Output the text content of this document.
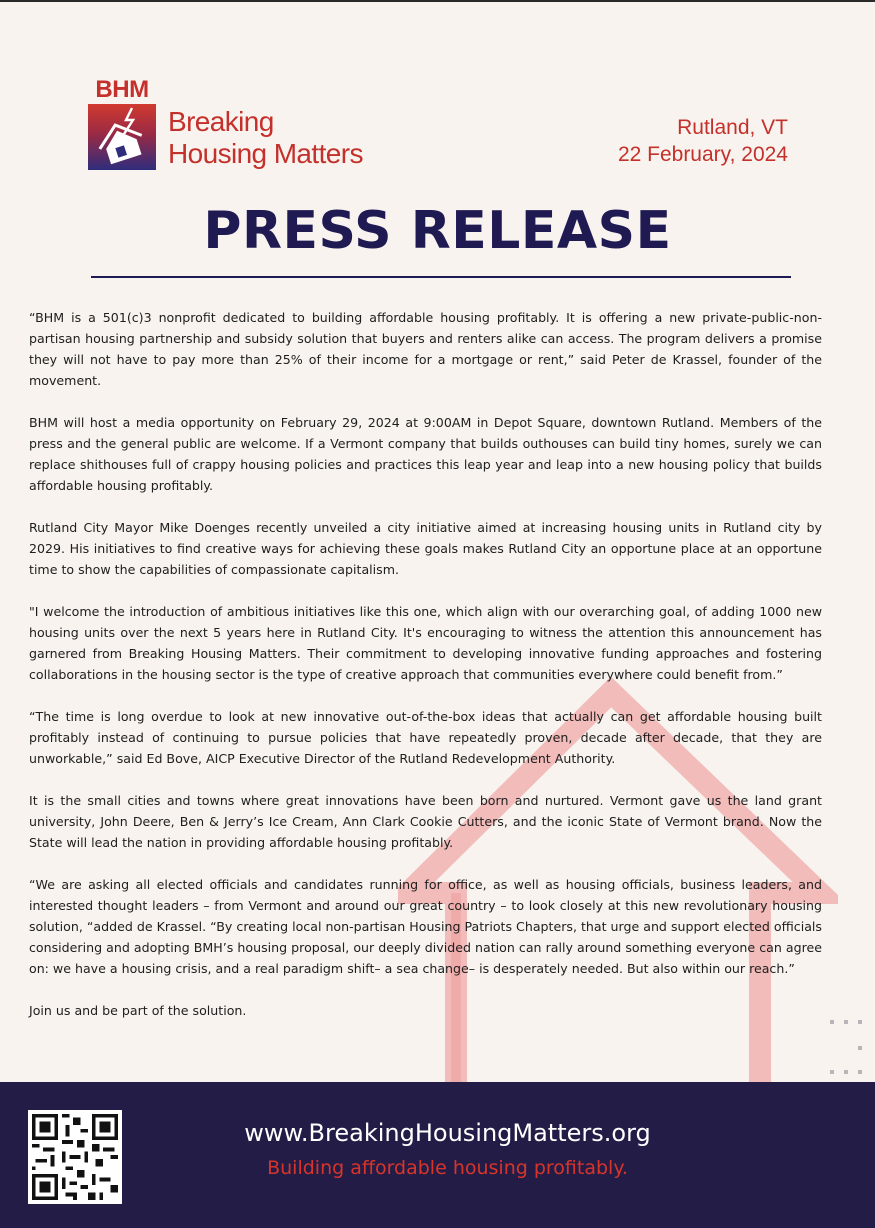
BHM
Breaking
Housing Matters
Rutland, VT
22 February, 2024
PRESS RELEASE

“BHM is a 501(c)3 nonprofit dedicated to building affordable housing profitably. It is offering a new private-public-non-partisan housing partnership and subsidy solution that buyers and renters alike can access. The program delivers a promise they will not have to pay more than 25% of their income for a mortgage or rent,” said Peter de Krassel, founder of the movement.

BHM will host a media opportunity on February 29, 2024 at 9:00AM in Depot Square, downtown Rutland. Members of the press and the general public are welcome. If a Vermont company that builds outhouses can build tiny homes, surely we can replace shithouses full of crappy housing policies and practices this leap year and leap into a new housing policy that builds affordable housing profitably.

Rutland City Mayor Mike Doenges recently unveiled a city initiative aimed at increasing housing units in Rutland city by 2029. His initiatives to find creative ways for achieving these goals makes Rutland City an opportune place at an opportune time to show the capabilities of compassionate capitalism.

"I welcome the introduction of ambitious initiatives like this one, which align with our overarching goal, of adding 1000 new housing units over the next 5 years here in Rutland City. It's encouraging to witness the attention this announcement has garnered from Breaking Housing Matters. Their commitment to developing innovative funding approaches and fostering collaborations in the housing sector is the type of creative approach that communities everywhere could benefit from.”

“The time is long overdue to look at new innovative out-of-the-box ideas that actually can get affordable housing built profitably instead of continuing to pursue policies that have repeatedly proven, decade after decade, that they are unworkable,” said Ed Bove, AICP Executive Director of the Rutland Redevelopment Authority.

It is the small cities and towns where great innovations have been born and nurtured. Vermont gave us the land grant university, John Deere, Ben & Jerry’s Ice Cream, Ann Clark Cookie Cutters, and the iconic State of Vermont brand. Now the State will lead the nation in providing affordable housing profitably.

“We are asking all elected officials and candidates running for office, as well as housing officials, business leaders, and interested thought leaders – from Vermont and around our great country – to look closely at this new revolutionary housing solution, “added de Krassel. “By creating local non-partisan Housing Patriots Chapters, that urge and support elected officials considering and adopting BMH’s housing proposal, our deeply divided nation can rally around something everyone can agree on: we have a housing crisis, and a real paradigm shift– a sea change– is desperately needed. But also within our reach.”

Join us and be part of the solution.

www.BreakingHousingMatters.org
Building affordable housing profitably.
